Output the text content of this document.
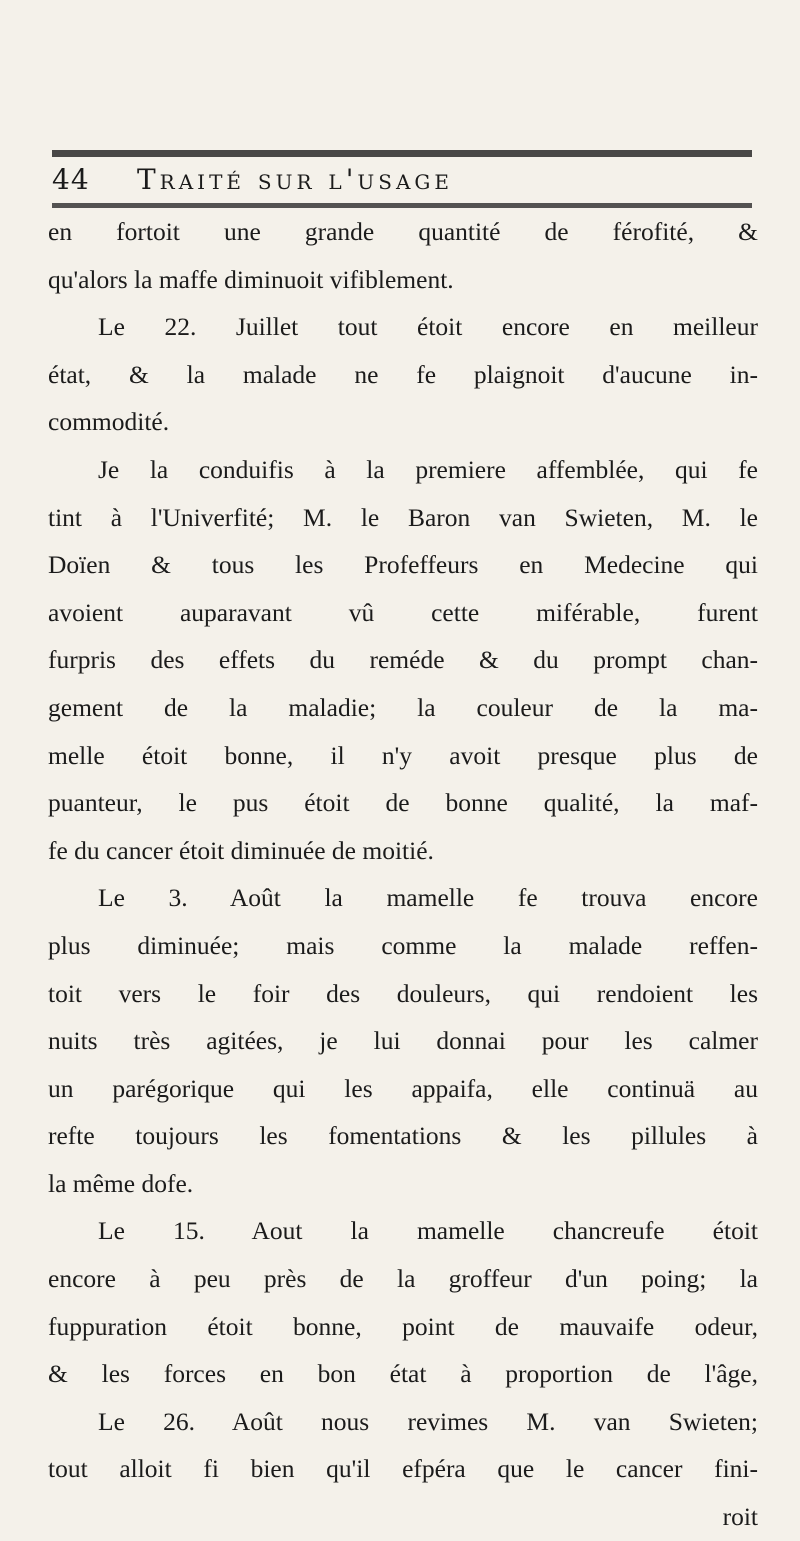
44 Traité sur l'usage
en fortoit une grande quantité de férofité, &
qu'alors la maffe diminuoit vifiblement.
Le 22. Juillet tout étoit encore en meilleur
état, & la malade ne fe plaignoit d'aucune in-
commodité.
Je la conduifis à la premiere affemblée, qui fe
tint à l'Univerfité; M. le Baron van Swieten, M. le
Doïen & tous les Profeffeurs en Medecine qui
avoient auparavant vû cette miférable, furent
furpris des effets du reméde & du prompt chan-
gement de la maladie; la couleur de la ma-
melle étoit bonne, il n'y avoit presque plus de
puanteur, le pus étoit de bonne qualité, la maf-
fe du cancer étoit diminuée de moitié.
Le 3. Août la mamelle fe trouva encore
plus diminuée; mais comme la malade reffen-
toit vers le foir des douleurs, qui rendoient les
nuits très agitées, je lui donnai pour les calmer
un parégorique qui les appaifa, elle continuä au
refte toujours les fomentations & les pillules à
la même dofe.
Le 15. Aout la mamelle chancreufe étoit
encore à peu près de la groffeur d'un poing; la
fuppuration étoit bonne, point de mauvaife odeur,
& les forces en bon état à proportion de l'âge,
Le 26. Août nous revimes M. van Swieten;
tout alloit fi bien qu'il efpéra que le cancer fini-
roit
